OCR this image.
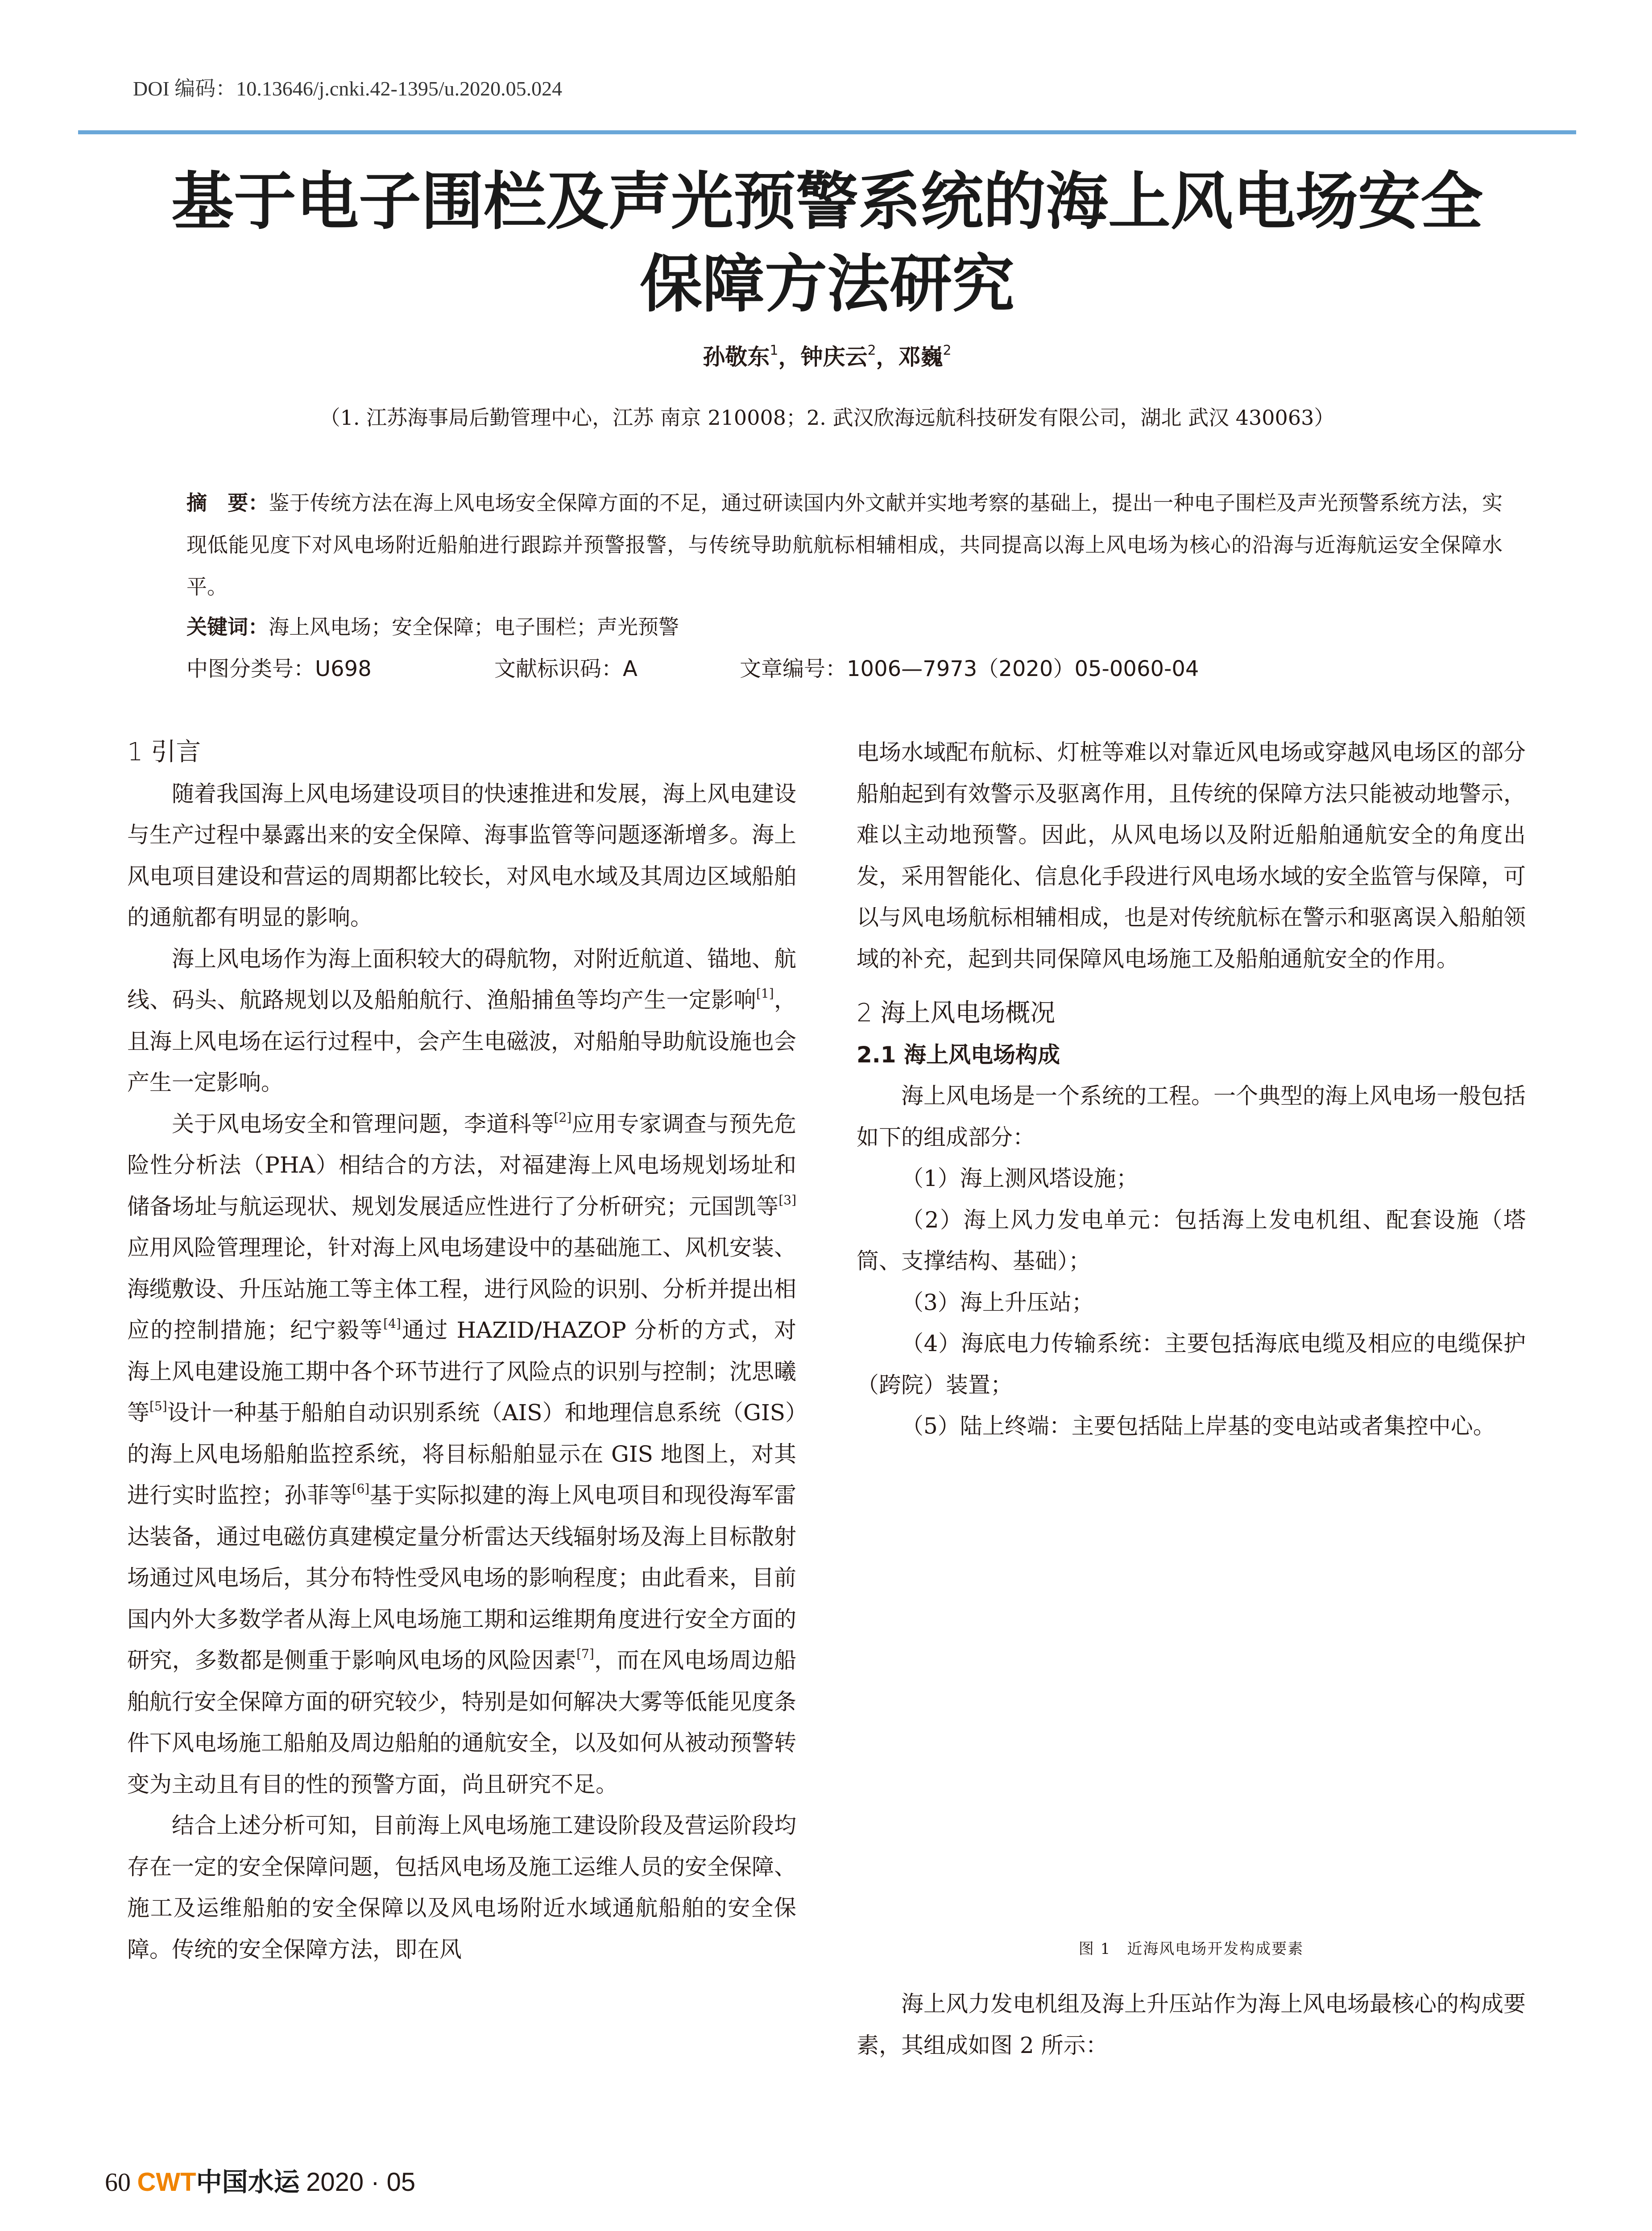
DOI 编码：10.13646/j.cnki.42-1395/u.2020.05.024
基于电子围栏及声光预警系统的海上风电场安全
保障方法研究
孙敬东$^1$，钟庆云$^2$，邓巍$^2$
（1. 江苏海事局后勤管理中心，江苏 南京 210008；2. 武汉欣海远航科技研发有限公司，湖北 武汉 430063）
摘　要：鉴于传统方法在海上风电场安全保障方面的不足，通过研读国内外文献并实地考察的基础上，提出一种电子围栏及声光预警系统方法，实现低能见度下对风电场附近船舶进行跟踪并预警报警，与传统导助航航标相辅相成，共同提高以海上风电场为核心的沿海与近海航运安全保障水平。
关键词：海上风电场；安全保障；电子围栏；声光预警
中图分类号：U698	文献标识码：A	文章编号：1006—7973（2020）05-0060-04
1 引言

随着我国海上风电场建设项目的快速推进和发展，海上风电建设与生产过程中暴露出来的安全保障、海事监管等问题逐渐增多。海上风电项目建设和营运的周期都比较长，对风电水域及其周边区域船舶的通航都有明显的影响。

海上风电场作为海上面积较大的碍航物，对附近航道、锚地、航线、码头、航路规划以及船舶航行、渔船捕鱼等均产生一定影响[1]，且海上风电场在运行过程中，会产生电磁波，对船舶导助航设施也会产生一定影响。

关于风电场安全和管理问题，李道科等[2]应用专家调查与预先危险性分析法（PHA）相结合的方法，对福建海上风电场规划场址和储备场址与航运现状、规划发展适应性进行了分析研究；元国凯等[3]应用风险管理理论，针对海上风电场建设中的基础施工、风机安装、海缆敷设、升压站施工等主体工程，进行风险的识别、分析并提出相应的控制措施；纪宁毅等[4]通过 HAZID/HAZOP 分析的方式，对海上风电建设施工期中各个环节进行了风险点的识别与控制；沈思曦等[5]设计一种基于船舶自动识别系统（AIS）和地理信息系统（GIS）的海上风电场船舶监控系统，将目标船舶显示在 GIS 地图上，对其进行实时监控；孙菲等[6]基于实际拟建的海上风电项目和现役海军雷达装备，通过电磁仿真建模定量分析雷达天线辐射场及海上目标散射场通过风电场后，其分布特性受风电场的影响程度；由此看来，目前国内外大多数学者从海上风电场施工期和运维期角度进行安全方面的研究，多数都是侧重于影响风电场的风险因素[7]，而在风电场周边船舶航行安全保障方面的研究较少，特别是如何解决大雾等低能见度条件下风电场施工船舶及周边船舶的通航安全，以及如何从被动预警转变为主动且有目的性的预警方面，尚且研究不足。

结合上述分析可知，目前海上风电场施工建设阶段及营运阶段均存在一定的安全保障问题，包括风电场及施工运维人员的安全保障、施工及运维船舶的安全保障以及风电场附近水域通航船舶的安全保障。传统的安全保障方法，即在风

电场水域配布航标、灯桩等难以对靠近风电场或穿越风电场区的部分船舶起到有效警示及驱离作用，且传统的保障方法只能被动地警示，难以主动地预警。因此，从风电场以及附近船舶通航安全的角度出发，采用智能化、信息化手段进行风电场水域的安全监管与保障，可以与风电场航标相辅相成，也是对传统航标在警示和驱离误入船舶领域的补充，起到共同保障风电场施工及船舶通航安全的作用。

2 海上风电场概况
2.1 海上风电场构成

海上风电场是一个系统的工程。一个典型的海上风电场一般包括如下的组成部分：

（1）海上测风塔设施；

（2）海上风力发电单元：包括海上发电机组、配套设施（塔筒、支撑结构、基础）；

（3）海上升压站；

（4）海底电力传输系统：主要包括海底电缆及相应的电缆保护（跨院）装置；

（5）陆上终端：主要包括陆上岸基的变电站或者集控中心。

图 1　近海风电场开发构成要素

海上风力发电机组及海上升压站作为海上风电场最核心的构成要素，其组成如图 2 所示：

60 CWT中国水运 2020 · 05
